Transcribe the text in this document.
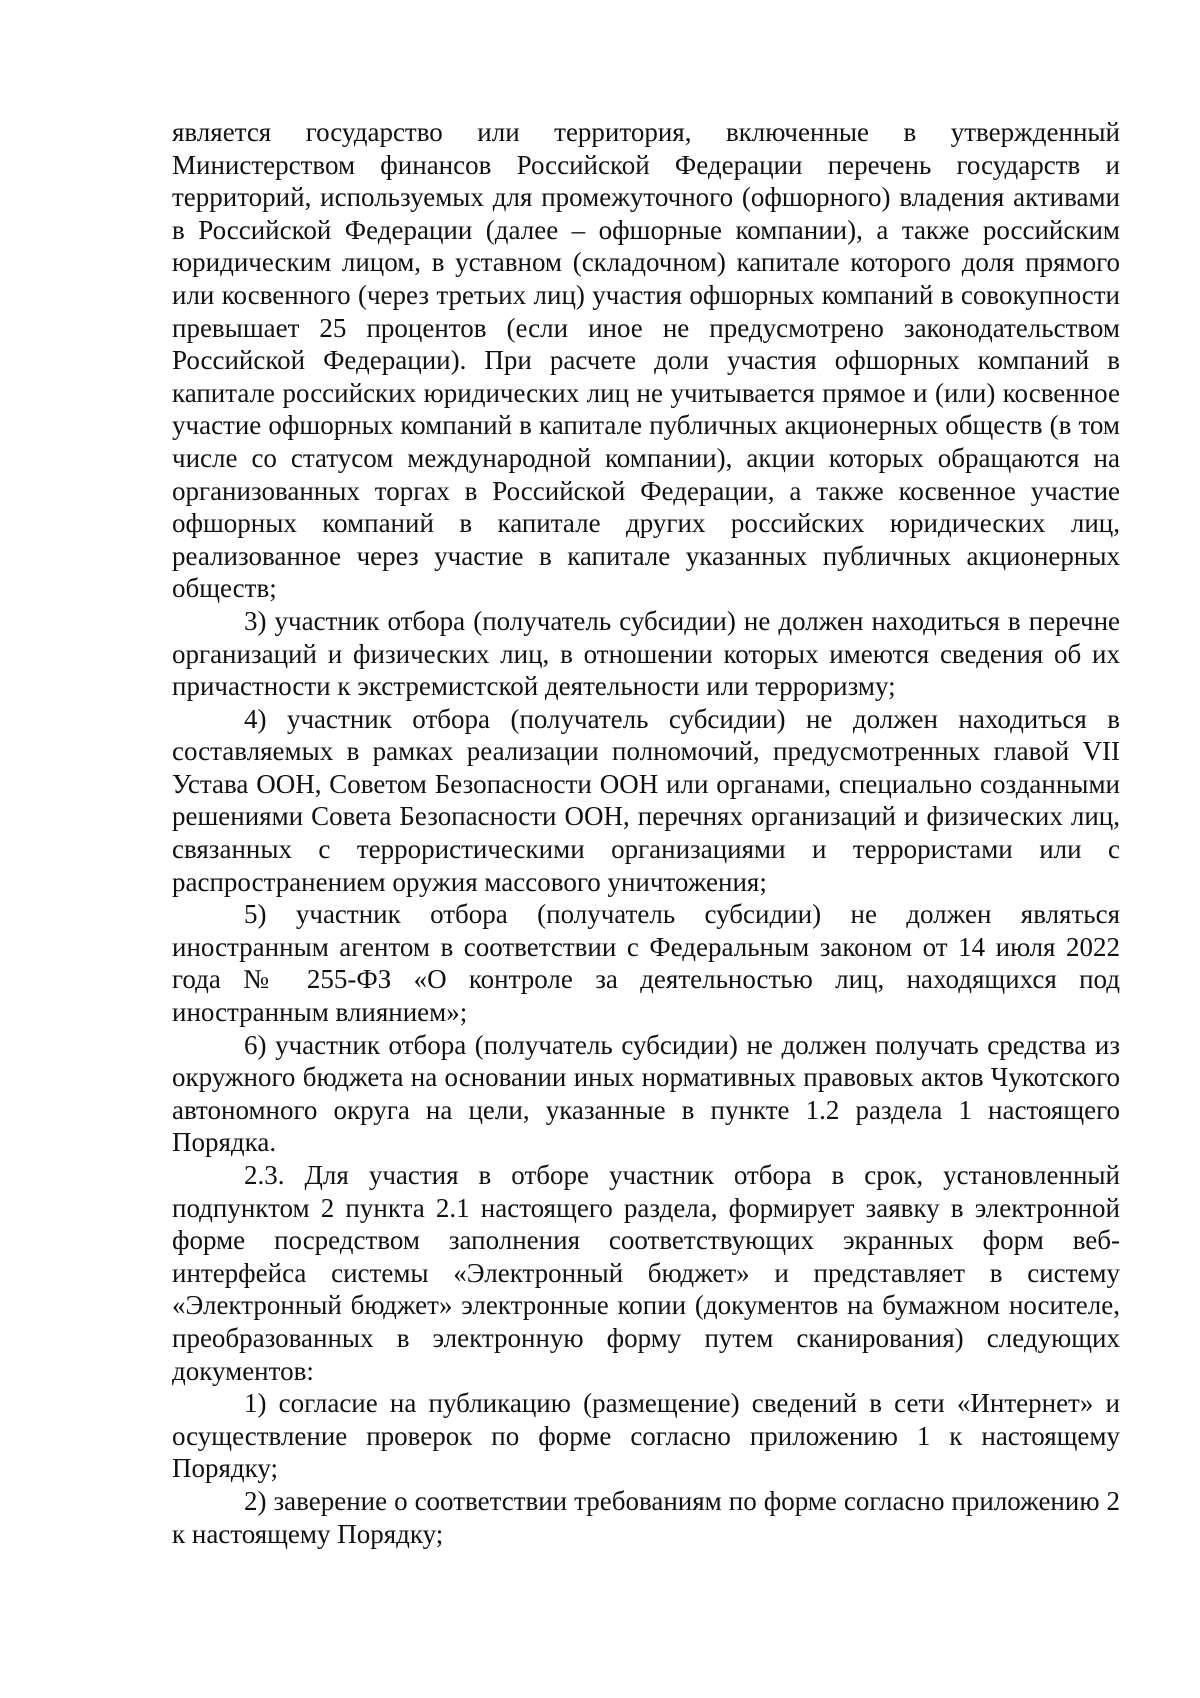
является государство или территория, включенные в утвержденный Министерством финансов Российской Федерации перечень государств и территорий, используемых для промежуточного (офшорного) владения активами в Российской Федерации (далее – офшорные компании), а также российским юридическим лицом, в уставном (складочном) капитале которого доля прямого или косвенного (через третьих лиц) участия офшорных компаний в совокупности превышает 25 процентов (если иное не предусмотрено законодательством Российской Федерации). При расчете доли участия офшорных компаний в капитале российских юридических лиц не учитывается прямое и (или) косвенное участие офшорных компаний в капитале публичных акционерных обществ (в том числе со статусом международной компании), акции которых обращаются на организованных торгах в Российской Федерации, а также косвенное участие офшорных компаний в капитале других российских юридических лиц, реализованное через участие в капитале указанных публичных акционерных обществ;

3) участник отбора (получатель субсидии) не должен находиться в перечне организаций и физических лиц, в отношении которых имеются сведения об их причастности к экстремистской деятельности или терроризму;

4) участник отбора (получатель субсидии) не должен находиться в составляемых в рамках реализации полномочий, предусмотренных главой VII Устава ООН, Советом Безопасности ООН или органами, специально созданными решениями Совета Безопасности ООН, перечнях организаций и физических лиц, связанных с террористическими организациями и террористами или с распространением оружия массового уничтожения;

5) участник отбора (получатель субсидии) не должен являться иностранным агентом в соответствии с Федеральным законом от 14 июля 2022 года № 255-ФЗ «О контроле за деятельностью лиц, находящихся под иностранным влиянием»;

6) участник отбора (получатель субсидии) не должен получать средства из окружного бюджета на основании иных нормативных правовых актов Чукотского автономного округа на цели, указанные в пункте 1.2 раздела 1 настоящего Порядка.

2.3. Для участия в отборе участник отбора в срок, установленный подпунктом 2 пункта 2.1 настоящего раздела, формирует заявку в электронной форме посредством заполнения соответствующих экранных форм веб-интерфейса системы «Электронный бюджет» и представляет в систему «Электронный бюджет» электронные копии (документов на бумажном носителе, преобразованных в электронную форму путем сканирования) следующих документов:

1) согласие на публикацию (размещение) сведений в сети «Интернет» и осуществление проверок по форме согласно приложению 1 к настоящему Порядку;

2) заверение о соответствии требованиям по форме согласно приложению 2 к настоящему Порядку;
